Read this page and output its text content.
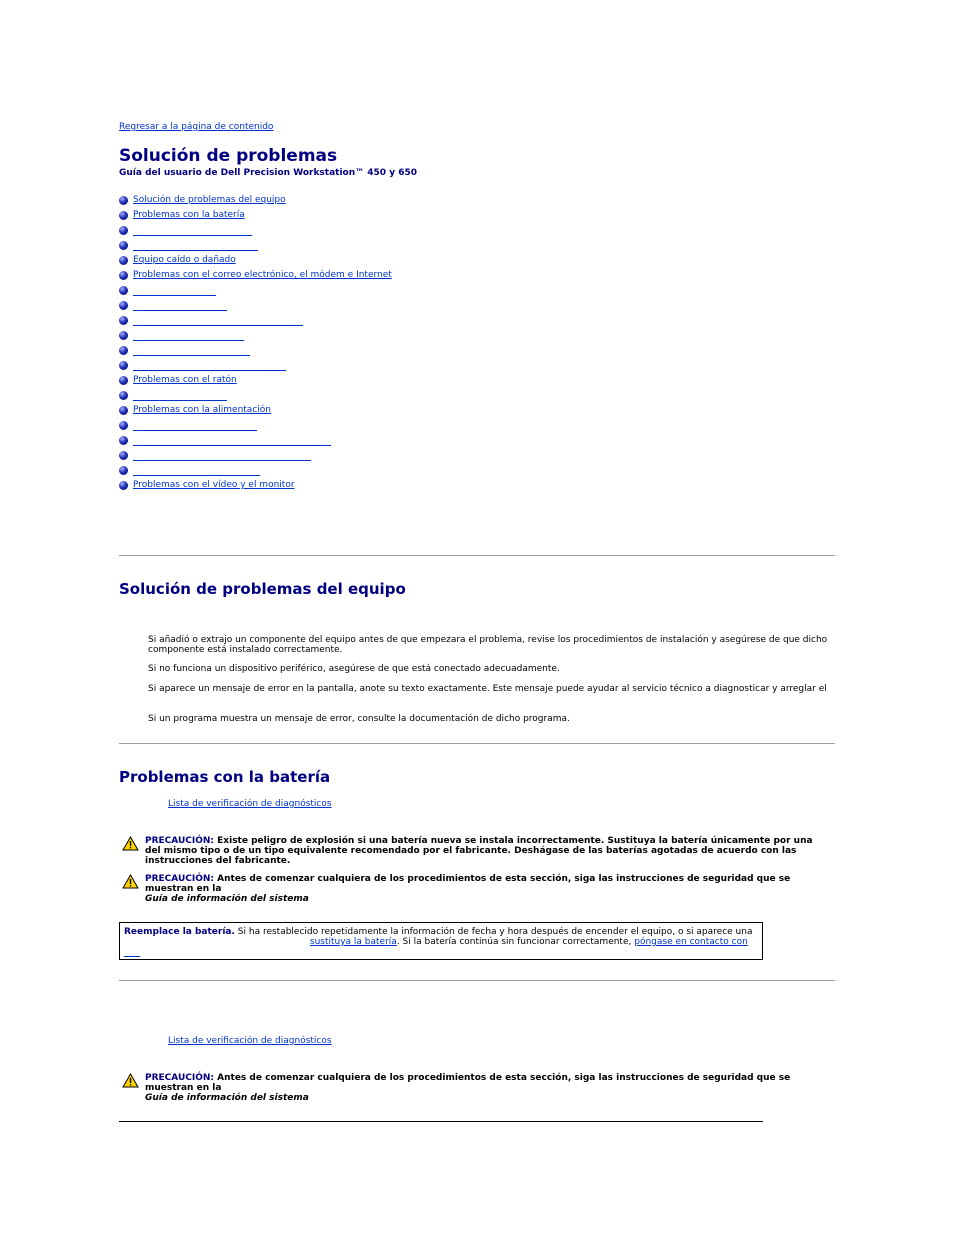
Regresar a la página de contenido
Solución de problemas
Guía del usuario de Dell Precision Workstation™ 450 y 650
Solución de problemas del equipo
Problemas con la batería
Equipo caído o dañado
Problemas con el correo electrónico, el módem e Internet
Problemas con el ratón
Problemas con la alimentación
Problemas con el vídeo y el monitor
Solución de problemas del equipo
Si añadió o extrajo un componente del equipo antes de que empezara el problema, revise los procedimientos de instalación y asegúrese de que dicho componente está instalado correctamente.
Si no funciona un dispositivo periférico, asegúrese de que está conectado adecuadamente.
Si aparece un mensaje de error en la pantalla, anote su texto exactamente. Este mensaje puede ayudar al servicio técnico a diagnosticar y arreglar el
Si un programa muestra un mensaje de error, consulte la documentación de dicho programa.
Problemas con la batería
Lista de verificación de diagnósticos
PRECAUCIÓN: Existe peligro de explosión si una batería nueva se instala incorrectamente. Sustituya la batería únicamente por una del mismo tipo o de un tipo equivalente recomendado por el fabricante. Deshágase de las baterías agotadas de acuerdo con las instrucciones del fabricante.
PRECAUCIÓN: Antes de comenzar cualquiera de los procedimientos de esta sección, siga las instrucciones de seguridad que se muestran en la
Guía de información del sistema
Reemplace la batería. Si ha restablecido repetidamente la información de fecha y hora después de encender el equipo, o si aparece una
sustituya la batería. Si la batería continúa sin funcionar correctamente, póngase en contacto con

Lista de verificación de diagnósticos
PRECAUCIÓN: Antes de comenzar cualquiera de los procedimientos de esta sección, siga las instrucciones de seguridad que se muestran en la
Guía de información del sistema
